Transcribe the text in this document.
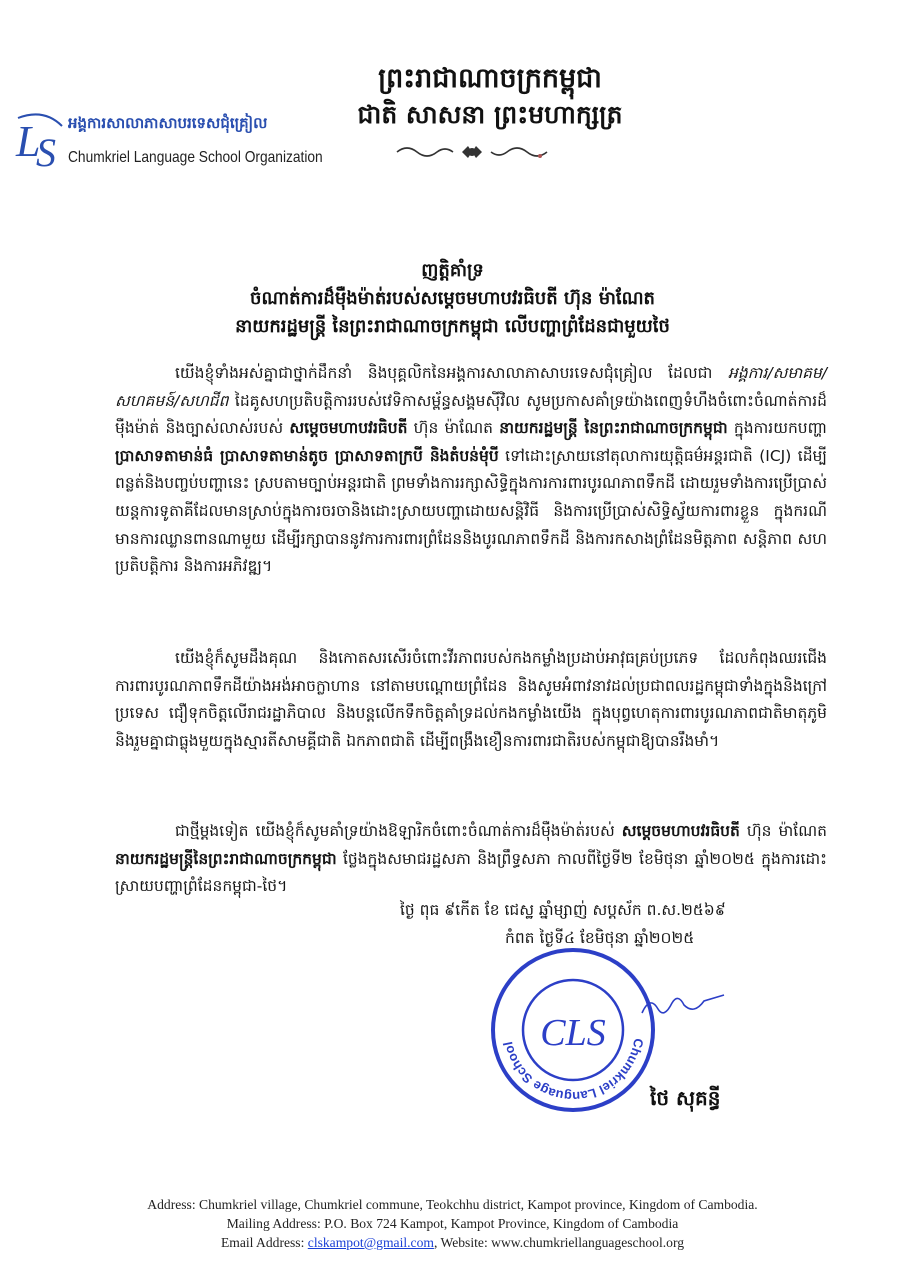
L
S
អង្គការសាលាភាសាបរទេសជុំគ្រៀល
Chumkriel Language School Organization
ព្រះរាជាណាចក្រកម្ពុជា
ជាតិ សាសនា ព្រះមហាក្សត្រ
ញត្តិគាំទ្រ
ចំណាត់ការដ៏ម៉ឺងម៉ាត់របស់សម្តេចមហាបវរធិបតី ហ៊ុន ម៉ាណែត
នាយករដ្ឋមន្ត្រី នៃព្រះរាជាណាចក្រកម្ពុជា លើបញ្ហាព្រំដែនជាមួយថៃ
យើងខ្ញុំទាំងអស់គ្នាជាថ្នាក់ដឹកនាំ និងបុគ្គលិកនៃអង្គការសាលាភាសាបរទេសជុំគ្រៀល ដែលជា អង្គការ/សមាគម/សហគមន៍/សហជីព ដៃគូសហប្រតិបត្តិការរបស់វេទិកាសម្ព័ន្ធសង្គមស៊ីវិល សូមប្រកាសគាំទ្រយ៉ាងពេញទំហឹងចំពោះចំណាត់ការដ៏ម៉ឺងម៉ាត់ និងច្បាស់លាស់របស់ សម្តេចមហាបវរធិបតី ហ៊ុន ម៉ាណែត នាយករដ្ឋមន្ត្រី នៃព្រះរាជាណាចក្រកម្ពុជា ក្នុងការយកបញ្ហា ប្រាសាទតាមាន់ធំ ប្រាសាទតាមាន់តូច ប្រាសាទតាក្របី និងតំបន់មុំបី ទៅដោះស្រាយនៅតុលាការយុត្តិធម៌អន្តរជាតិ (ICJ) ដើម្បីពន្លត់និងបញ្ចប់បញ្ហានេះ ស្របតាមច្បាប់អន្តរជាតិ ព្រមទាំងការរក្សាសិទ្ធិក្នុងការការពារបូរណភាពទឹកដី ដោយរួមទាំងការប្រើប្រាស់យន្តការទូតាគីដែលមានស្រាប់ក្នុងការចរចានិងដោះស្រាយបញ្ហាដោយសន្តិវិធី និងការប្រើប្រាស់សិទ្ធិស្វ័យការពារខ្លួន ក្នុងករណីមានការឈ្លានពានណាមួយ ដើម្បីរក្សាបាននូវការការពារព្រំដែននិងបូរណភាពទឹកដី និងការកសាងព្រំដែនមិត្តភាព សន្តិភាព សហប្រតិបត្តិការ និងការអភិវឌ្ឍ។
យើងខ្ញុំក៏សូមដឹងគុណ និងកោតសរសើរចំពោះវីរភាពរបស់កងកម្លាំងប្រដាប់អាវុធគ្រប់ប្រភេទ ដែលកំពុងឈរជើងការពារបូរណភាពទឹកដីយ៉ាងអង់អាចក្លាហាន នៅតាមបណ្តោយព្រំដែន និងសូមអំពាវនាវដល់ប្រជាពលរដ្ឋកម្ពុជាទាំងក្នុងនិងក្រៅប្រទេស ជឿទុកចិត្តលើរាជរដ្ឋាភិបាល និងបន្តលើកទឹកចិត្តគាំទ្រដល់កងកម្លាំងយើង ក្នុងបុព្វហេតុការពារបូរណភាពជាតិមាតុភូមិ និងរួមគ្នាជាធ្លុងមួយក្នុងស្មារតីសាមគ្គីជាតិ ឯកភាពជាតិ ដើម្បីពង្រឹងខឿនការពារជាតិរបស់កម្ពុជាឱ្យបានរឹងមាំ។
ជាថ្មីម្តងទៀត យើងខ្ញុំក៏សូមគាំទ្រយ៉ាងឱឡារិកចំពោះចំណាត់ការដ៏ម៉ឺងម៉ាត់របស់ សម្តេចមហាបវរធិបតី ហ៊ុន ម៉ាណែត នាយករដ្ឋមន្ត្រីនៃព្រះរាជាណាចក្រកម្ពុជា ថ្លែងក្នុងសមាជរដ្ឋសភា និងព្រឹទ្ធសភា កាលពីថ្ងៃទី២ ខែមិថុនា ឆ្នាំ២០២៥ ក្នុងការដោះស្រាយបញ្ហាព្រំដែនកម្ពុជា-ថៃ។
ថ្ងៃ ពុធ ៩កើត ខែ ជេស្ឋ ឆ្នាំម្សាញ់ សប្តស័ក ព.ស.២៥៦៩
កំពត ថ្ងៃទី៤ ខែមិថុនា ឆ្នាំ២០២៥
Chumkriel Language School CLS
ថៃ សុគន្ធី
Address: Chumkriel village, Chumkriel commune, Teokchhu district, Kampot province, Kingdom of Cambodia.
Mailing Address: P.O. Box 724 Kampot, Kampot Province, Kingdom of Cambodia
Email Address: clskampot@gmail.com, Website: www.chumkriellanguageschool.org
